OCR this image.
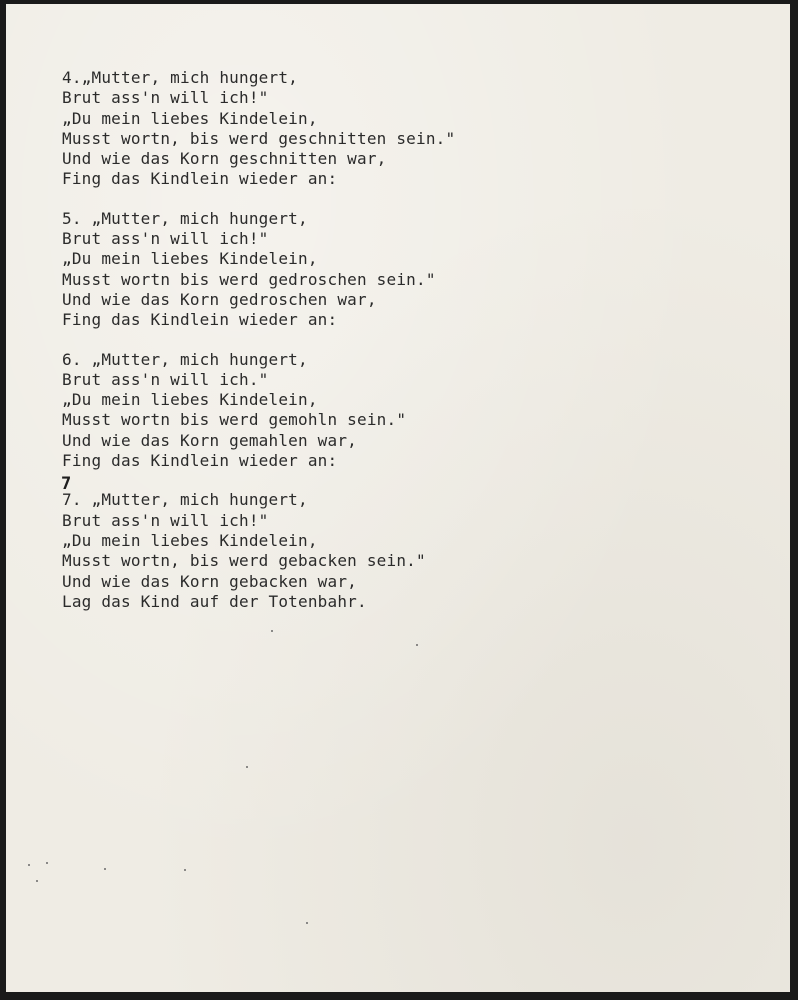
4.„Mutter, mich hungert,
Brut ass'n will ich!"
„Du mein liebes Kindelein,
Musst wortn, bis werd geschnitten sein."
Und wie das Korn geschnitten war,
Fing das Kindlein wieder an:
5. „Mutter, mich hungert,
Brut ass'n will ich!"
„Du mein liebes Kindelein,
Musst wortn bis werd gedroschen sein."
Und wie das Korn gedroschen war,
Fing das Kindlein wieder an:
6. „Mutter, mich hungert,
Brut ass'n will ich."
„Du mein liebes Kindelein,
Musst wortn bis werd gemohln sein."
Und wie das Korn gemahlen war,
Fing das Kindlein wieder an:
7. „Mutter, mich hungert,
Brut ass'n will ich!"
„Du mein liebes Kindelein,
Musst wortn, bis werd gebacken sein."
Und wie das Korn gebacken war,
Lag das Kind auf der Totenbahr.
7
